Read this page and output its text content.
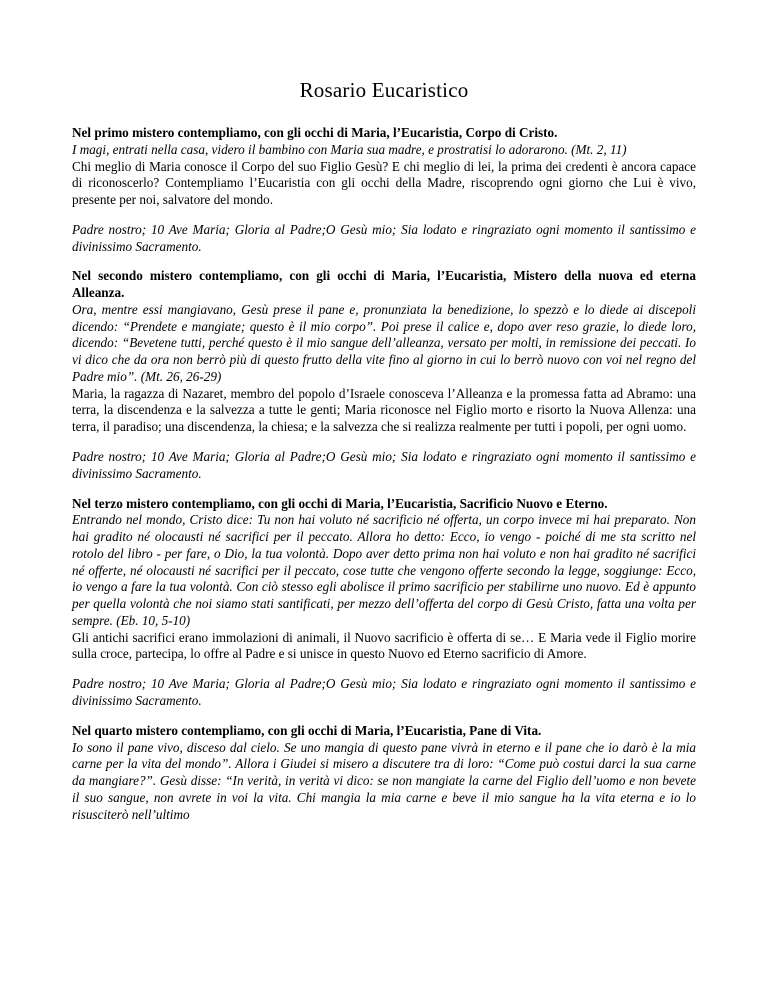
Rosario Eucaristico

Nel primo mistero contempliamo, con gli occhi di Maria, l’Eucaristia, Corpo di Cristo.

I magi, entrati nella casa, videro il bambino con Maria sua madre, e prostratisi lo adorarono. (Mt. 2, 11)

Chi meglio di Maria conosce il Corpo del suo Figlio Gesù? E chi meglio di lei, la prima dei credenti è ancora capace di riconoscerlo? Contempliamo l’Eucaristia con gli occhi della Madre, riscoprendo ogni giorno che Lui è vivo, presente per noi, salvatore del mondo.

Padre nostro; 10 Ave Maria; Gloria al Padre;O Gesù mio; Sia lodato e ringraziato ogni momento il santissimo e divinissimo Sacramento.

Nel secondo mistero contempliamo, con gli occhi di Maria, l’Eucaristia, Mistero della nuova ed eterna Alleanza.

Ora, mentre essi mangiavano, Gesù prese il pane e, pronunziata la benedizione, lo spezzò e lo diede ai discepoli dicendo: “Prendete e mangiate; questo è il mio corpo”. Poi prese il calice e, dopo aver reso grazie, lo diede loro, dicendo: “Bevetene tutti, perché questo è il mio sangue dell’alleanza, versato per molti, in remissione dei peccati. Io vi dico che da ora non berrò più di questo frutto della vite fino al giorno in cui lo berrò nuovo con voi nel regno del Padre mio”. (Mt. 26, 26-29)

Maria, la ragazza di Nazaret, membro del popolo d’Israele conosceva l’Alleanza e la promessa fatta ad Abramo: una terra, la discendenza e la salvezza a tutte le genti; Maria riconosce nel Figlio morto e risorto la Nuova Allenza: una terra, il paradiso; una discendenza, la chiesa; e la salvezza che si realizza realmente per tutti i popoli, per ogni uomo.

Padre nostro; 10 Ave Maria; Gloria al Padre;O Gesù mio; Sia lodato e ringraziato ogni momento il santissimo e divinissimo Sacramento.

Nel terzo mistero contempliamo, con gli occhi di Maria, l’Eucaristia, Sacrificio Nuovo e Eterno.

Entrando nel mondo, Cristo dice: Tu non hai voluto né sacrificio né offerta, un corpo invece mi hai preparato. Non hai gradito né olocausti né sacrifici per il peccato. Allora ho detto: Ecco, io vengo - poiché di me sta scritto nel rotolo del libro - per fare, o Dio, la tua volontà. Dopo aver detto prima non hai voluto e non hai gradito né sacrifici né offerte, né olocausti né sacrifici per il peccato, cose tutte che vengono offerte secondo la legge, soggiunge: Ecco, io vengo a fare la tua volontà. Con ciò stesso egli abolisce il primo sacrificio per stabilirne uno nuovo. Ed è appunto per quella volontà che noi siamo stati santificati, per mezzo dell’offerta del corpo di Gesù Cristo, fatta una volta per sempre. (Eb. 10, 5-10)

Gli antichi sacrifici erano immolazioni di animali, il Nuovo sacrificio è offerta di se… E Maria vede il Figlio morire sulla croce, partecipa, lo offre al Padre e si unisce in questo Nuovo ed Eterno sacrificio di Amore.

Padre nostro; 10 Ave Maria; Gloria al Padre;O Gesù mio; Sia lodato e ringraziato ogni momento il santissimo e divinissimo Sacramento.

Nel quarto mistero contempliamo, con gli occhi di Maria, l’Eucaristia, Pane di Vita.

Io sono il pane vivo, disceso dal cielo. Se uno mangia di questo pane vivrà in eterno e il pane che io darò è la mia carne per la vita del mondo”. Allora i Giudei si misero a discutere tra di loro: “Come può costui darci la sua carne da mangiare?”. Gesù disse: “In verità, in verità vi dico: se non mangiate la carne del Figlio dell’uomo e non bevete il suo sangue, non avrete in voi la vita. Chi mangia la mia carne e beve il mio sangue ha la vita eterna e io lo risusciterò nell’ultimo
